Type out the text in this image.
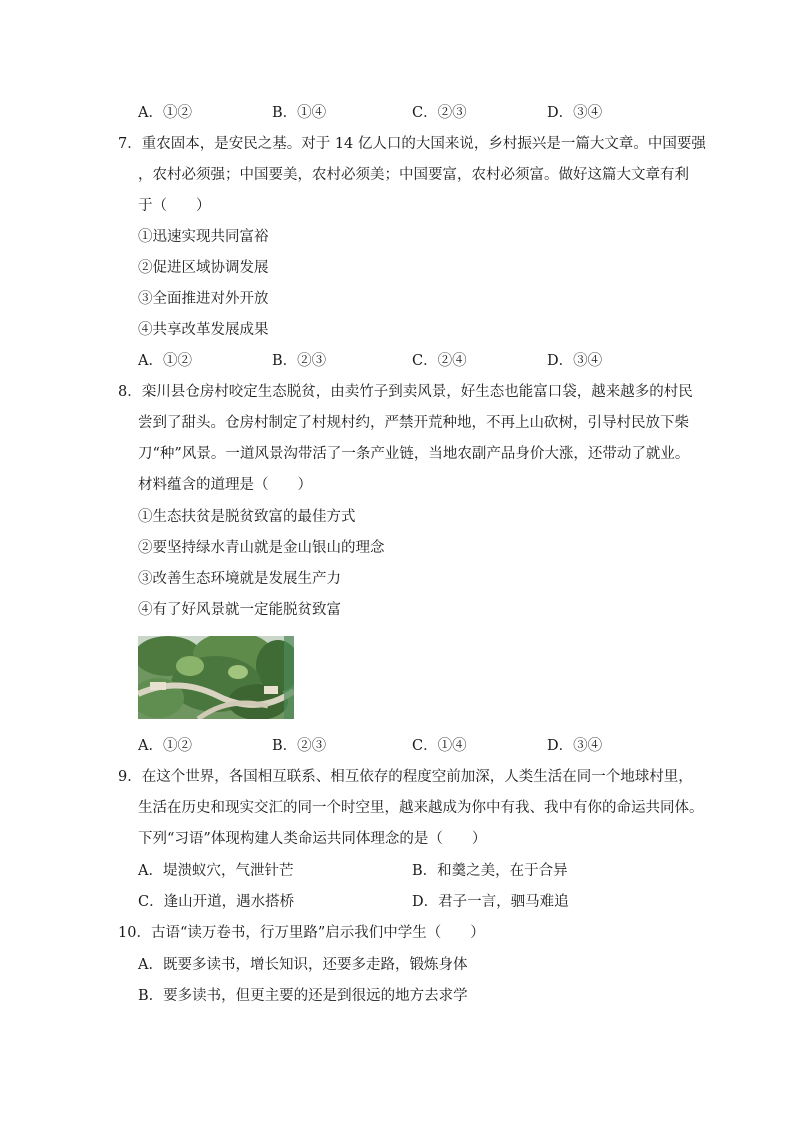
A．①②	B．①④	C．②③	D．③④
7．重农固本，是安民之基。对于 14 亿人口的大国来说，乡村振兴是一篇大文章。中国要强
，农村必须强；中国要美，农村必须美；中国要富，农村必须富。做好这篇大文章有利
于（　　）
①迅速实现共同富裕
②促进区域协调发展
③全面推进对外开放
④共享改革发展成果
A．①②	B．②③	C．②④	D．③④
8．栾川县仓房村咬定生态脱贫，由卖竹子到卖风景，好生态也能富口袋，越来越多的村民
尝到了甜头。仓房村制定了村规村约，严禁开荒种地，不再上山砍树，引导村民放下柴
刀“种”风景。一道风景沟带活了一条产业链，当地农副产品身价大涨，还带动了就业。
材料蕴含的道理是（　　）
①生态扶贫是脱贫致富的最佳方式
②要坚持绿水青山就是金山银山的理念
③改善生态环境就是发展生产力
④有了好风景就一定能脱贫致富
A．①②	B．②③	C．①④	D．③④
9．在这个世界，各国相互联系、相互依存的程度空前加深，人类生活在同一个地球村里，
生活在历史和现实交汇的同一个时空里，越来越成为你中有我、我中有你的命运共同体。
下列“习语”体现构建人类命运共同体理念的是（　　）
A．堤溃蚁穴，气泄针芒	B．和羹之美，在于合异
C．逢山开道，遇水搭桥	D．君子一言，驷马难追
10．古语“读万卷书，行万里路”启示我们中学生（　　）
A．既要多读书，增长知识，还要多走路，锻炼身体
B．要多读书，但更主要的还是到很远的地方去求学
